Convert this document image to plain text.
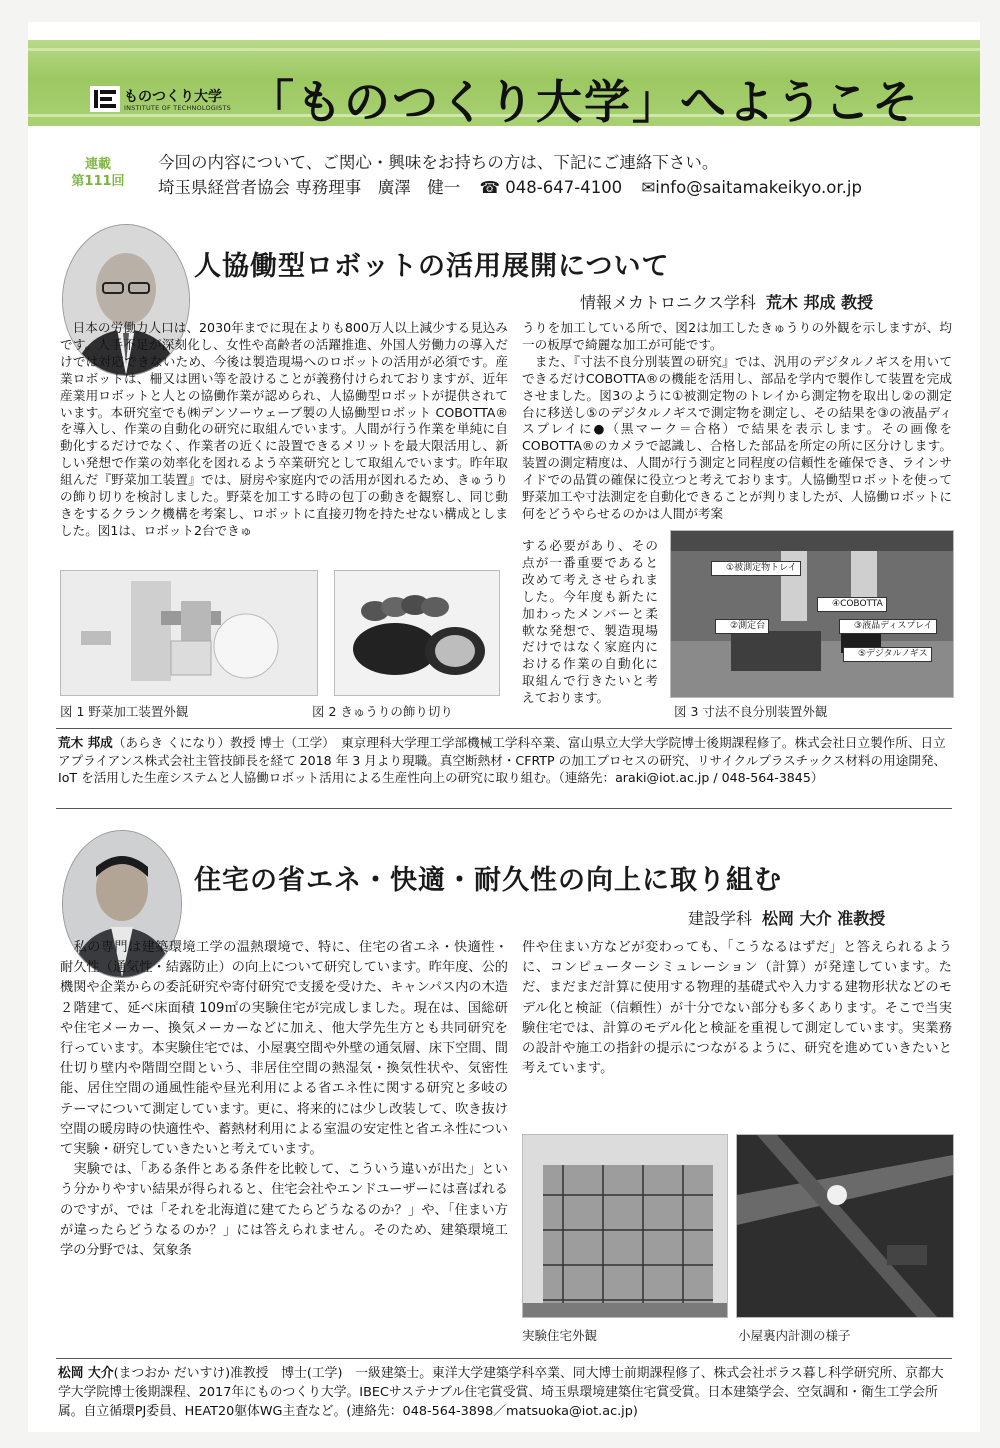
ものつくり大学
INSTITUTE OF TECHNOLOGISTS 「ものつくり大学」へようこそ
連載
第111回
今回の内容について、ご関心・興味をお持ちの方は、下記にご連絡下さい。
埼玉県経営者協会 専務理事　廣澤　健一 ☎ 048-647-4100 ✉info@saitamakeikyo.or.jp
人協働型ロボットの活用展開について
情報メカトロニクス学科 荒木 邦成 教授
　日本の労働力人口は、2030年までに現在よりも800万人以上減少する見込みです。人手不足が深刻化し、女性や高齢者の活躍推進、外国人労働力の導入だけでは対応できないため、今後は製造現場へのロボットの活用が必須です。産業ロボットは、柵又は囲い等を設けることが義務付けられておりますが、近年産業用ロボットと人との協働作業が認められ、人協働型ロボットが提供されています。本研究室でも㈱デンソーウェーブ製の人協働型ロボット COBOTTA®を導入し、作業の自動化の研究に取組んでいます。人間が行う作業を単純に自動化するだけでなく、作業者の近くに設置できるメリットを最大限活用し、新しい発想で作業の効率化を図れるよう卒業研究として取組んでいます。昨年取組んだ『野菜加工装置』では、厨房や家庭内での活用が図れるため、きゅうりの飾り切りを検討しました。野菜を加工する時の包丁の動きを観察し、同じ動きをするクランク機構を考案し、ロボットに直接刃物を持たせない構成としました。図1は、ロボット2台できゅ
うりを加工している所で、図2は加工したきゅうりの外観を示しますが、均一の板厚で綺麗な加工が可能です。
　また、『寸法不良分別装置の研究』では、汎用のデジタルノギスを用いてできるだけCOBOTTA®の機能を活用し、部品を学内で製作して装置を完成させました。図3のように①被測定物のトレイから測定物を取出し②の測定台に移送し⑤のデジタルノギスで測定物を測定し、その結果を③の液晶ディスプレイに●（黒マーク＝合格）で結果を表示します。その画像をCOBOTTA®のカメラで認識し、合格した部品を所定の所に区分けします。装置の測定精度は、人間が行う測定と同程度の信頼性を確保でき、ラインサイドでの品質の確保に役立つと考えております。人協働型ロボットを使って野菜加工や寸法測定を自動化できることが判りましたが、人協働ロボットに何をどうやらせるのかは人間が考案
する必要があり、その点が一番重要であると改めて考えさせられました。今年度も新たに加わったメンバーと柔軟な発想で、製造現場だけではなく家庭内における作業の自動化に取組んで行きたいと考えております。
図 1 野菜加工装置外観	図 2 きゅうりの飾り切り
①被測定物トレイ
④COBOTTA
②測定台	③液晶ディスプレイ
⑤デジタルノギス
図 3 寸法不良分別装置外観
荒木 邦成（あらき くになり）教授 博士（工学）　東京理科大学理工学部機械工学科卒業、富山県立大学大学院博士後期課程修了。株式会社日立製作所、日立アプライアンス株式会社主管技師長を経て 2018 年 3 月より現職。真空断熱材・CFRTP の加工プロセスの研究、リサイクルプラスチックス材料の用途開発、IoT を活用した生産システムと人協働ロボット活用による生産性向上の研究に取り組む。（連絡先：araki@iot.ac.jp / 048-564-3845）
住宅の省エネ・快適・耐久性の向上に取り組む
建設学科 松岡 大介 准教授
　私の専門は建築環境工学の温熱環境で、特に、住宅の省エネ・快適性・耐久性（通気性・結露防止）の向上について研究しています。昨年度、公的機関や企業からの委託研究や寄付研究で支援を受けた、キャンパス内の木造２階建て、延べ床面積 109㎡の実験住宅が完成しました。現在は、国総研や住宅メーカー、換気メーカーなどに加え、他大学先生方とも共同研究を行っています。本実験住宅では、小屋裏空間や外壁の通気層、床下空間、間仕切り壁内や階間空間という、非居住空間の熱湿気・換気性状や、気密性能、居住空間の通風性能や昼光利用による省エネ性に関する研究と多岐のテーマについて測定しています。更に、将来的には少し改装して、吹き抜け空間の暖房時の快適性や、蓄熱材利用による室温の安定性と省エネ性について実験・研究していきたいと考えています。
　実験では、「ある条件とある条件を比較して、こういう違いが出た」という分かりやすい結果が得られると、住宅会社やエンドユーザーには喜ばれるのですが、では「それを北海道に建てたらどうなるのか？」や、「住まい方が違ったらどうなるのか？」には答えられません。そのため、建築環境工学の分野では、気象条
件や住まい方などが変わっても、「こうなるはずだ」と答えられるように、コンピューターシミュレーション（計算）が発達しています。ただ、まだまだ計算に使用する物理的基礎式や入力する建物形状などのモデル化と検証（信頼性）が十分でない部分も多くあります。そこで当実験住宅では、計算のモデル化と検証を重視して測定しています。実業務の設計や施工の指針の提示につながるように、研究を進めていきたいと考えています。
実験住宅外観	小屋裏内計測の様子
松岡 大介(まつおか だいすけ)准教授　博士(工学)　一級建築士。東洋大学建築学科卒業、同大博士前期課程修了、株式会社ポラス暮し科学研究所、京都大学大学院博士後期課程、2017年にものつくり大学。IBECサステナブル住宅賞受賞、埼玉県環境建築住宅賞受賞。日本建築学会、空気調和・衛生工学会所属。自立循環PJ委員、HEAT20躯体WG主査など。(連絡先：048-564-3898／matsuoka@iot.ac.jp)
